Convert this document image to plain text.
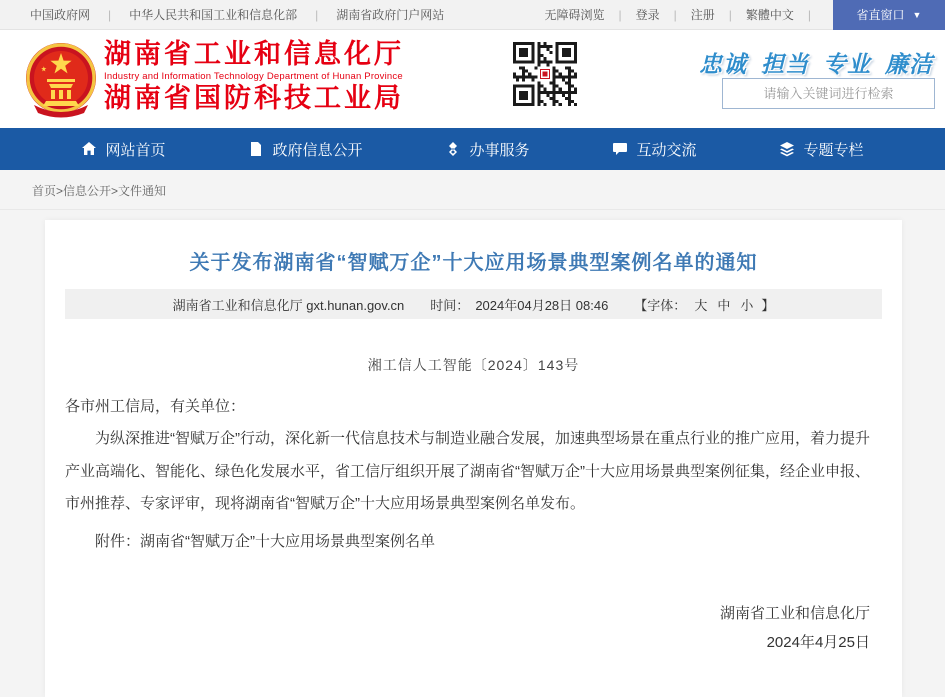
中国政府网 | 中华人民共和国工业和信息化部 | 湖南省政府门户网站	无障碍浏览 | 登录 | 注册 | 繁體中文 |	省直窗口 ▼
湖南省工业和信息化厅
Industry and Information Technology Department of Hunan Province
湖南省国防科技工业局
忠诚 担当 专业 廉洁
请输入关键词进行检索
网站首页	政府信息公开	办事服务	互动交流	专题专栏
首页>信息公开>文件通知
关于发布湖南省“智赋万企”十大应用场景典型案例名单的通知
湖南省工业和信息化厅 gxt.hunan.gov.cn 时间： 2024年04月28日 08:46 【字体： 大 中 小 】
湘工信人工智能〔2024〕143号

各市州工信局，有关单位：

为纵深推进“智赋万企”行动，深化新一代信息技术与制造业融合发展，加速典型场景在重点行业的推广应用，着力提升产业高端化、智能化、绿色化发展水平，省工信厅组织开展了湖南省“智赋万企”十大应用场景典型案例征集，经企业申报、市州推荐、专家评审，现将湖南省“智赋万企”十大应用场景典型案例名单发布。

附件：湖南省“智赋万企”十大应用场景典型案例名单

湖南省工业和信息化厅
2024年4月25日
